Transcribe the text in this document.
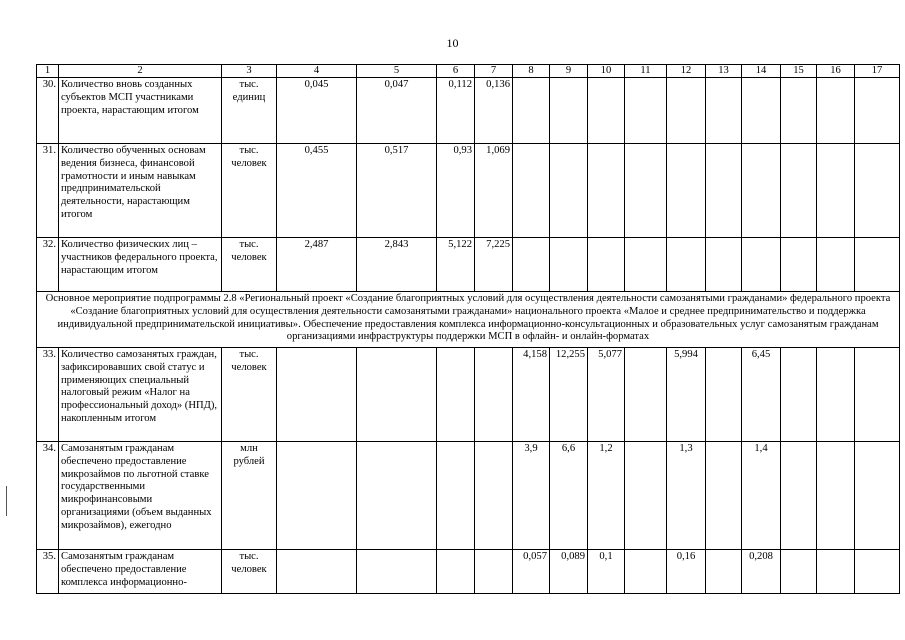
10
1	2	3	4	5	6	7	8	9	10	11	12	13	14	15	16	17
30.	Количество вновь созданных субъектов МСП участниками проекта, нарастающим итогом	тыс. единиц	0,045	0,047	0,112	0,136										
31.	Количество обученных основам ведения бизнеса, финансовой грамотности и иным навыкам предпринимательской деятельности, нарастающим итогом	тыс. человек	0,455	0,517	0,93	1,069										
32.	Количество физических лиц – участников федерального проекта, нарастающим итогом	тыс. человек	2,487	2,843	5,122	7,225										
Основное мероприятие подпрограммы 2.8 «Региональный проект «Создание благоприятных условий для осуществления деятельности самозанятыми гражданами» федерального проекта «Создание благоприятных условий для осуществления деятельности самозанятыми гражданами» национального проекта «Малое и среднее предпринимательство и поддержка индивидуальной предпринимательской инициативы». Обеспечение предоставления комплекса информационно-консультационных и образовательных услуг самозанятым гражданам организациями инфраструктуры поддержки МСП в офлайн- и онлайн-форматах																
33.	Количество самозанятых граждан, зафиксировавших свой статус и применяющих специальный налоговый режим «Налог на профессиональный доход» (НПД), накопленным итогом	тыс. человек					4,158	12,255	5,077		5,994		6,45			
34.	Самозанятым гражданам обеспечено предоставление микрозаймов по льготной ставке государственными микрофинансовыми организациями (объем выданных микрозаймов), ежегодно	млн рублей					3,9	6,6	1,2		1,3		1,4			
35.	Самозанятым гражданам обеспечено предоставление комплекса информационно-	тыс. человек					0,057	0,089	0,1		0,16		0,208			
